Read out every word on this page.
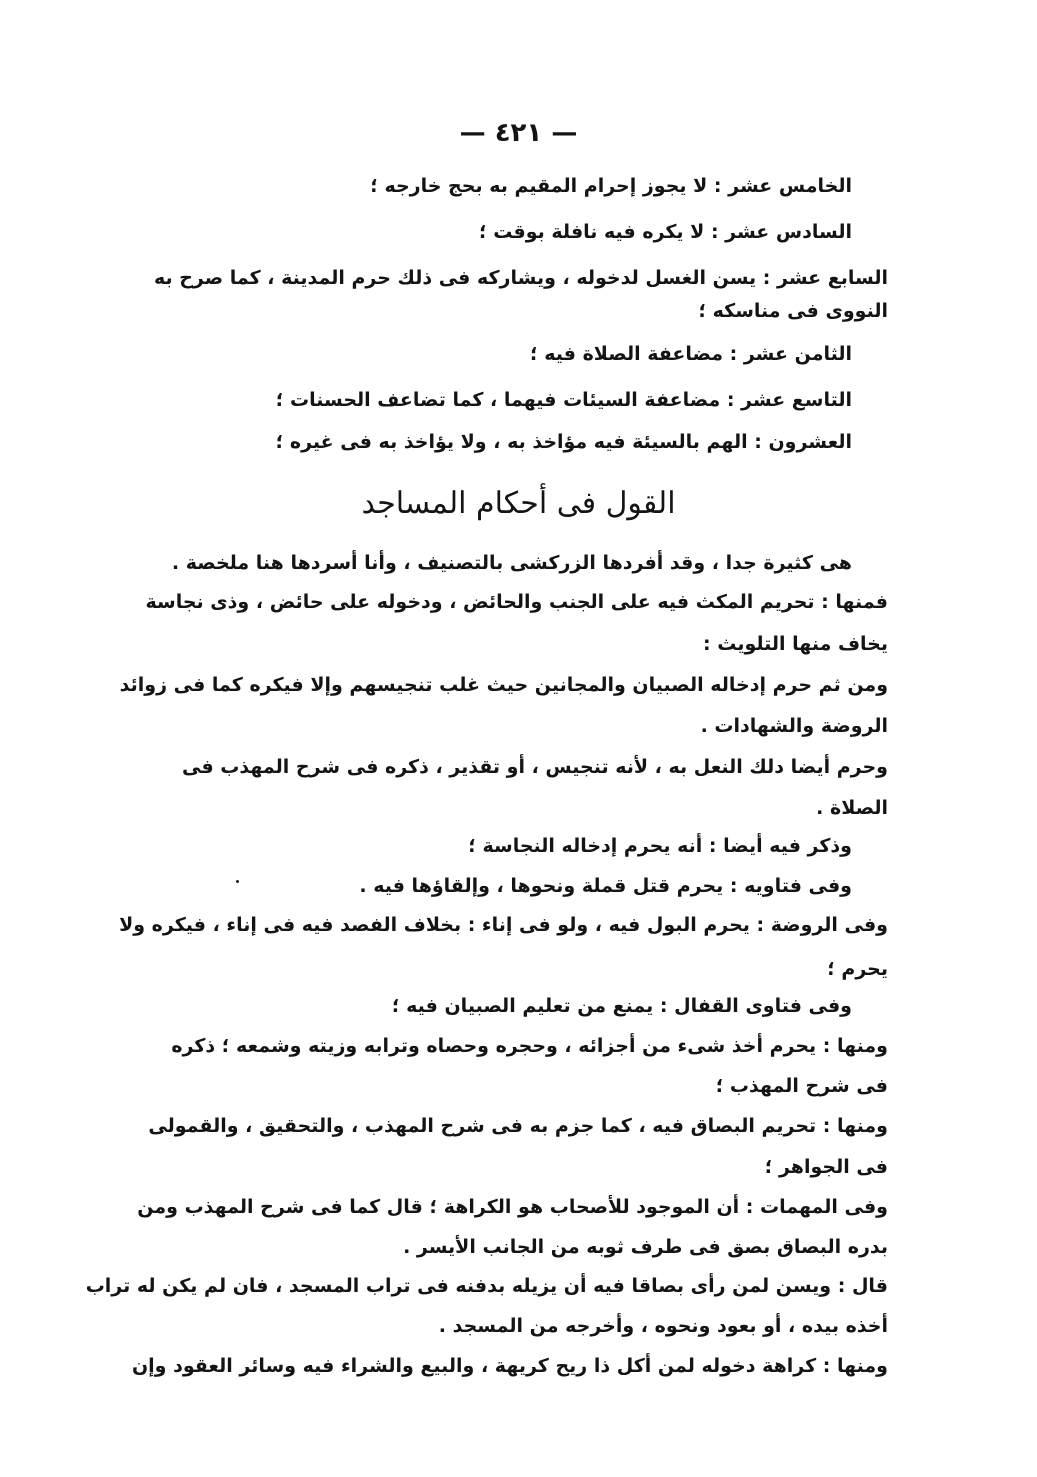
— ٤٢١ —
الخامس عشر : لا يجوز إحرام المقيم به بحج خارجه ؛
السادس عشر : لا يكره فيه نافلة بوقت ؛
السابع عشر : يسن الغسل لدخوله ، ويشاركه فى ذلك حرم المدينة ، كما صرح به
النووى فى مناسكه ؛
الثامن عشر : مضاعفة الصلاة فيه ؛
التاسع عشر : مضاعفة السيئات فيهما ، كما تضاعف الحسنات ؛
العشرون : الهم بالسيئة فيه مؤاخذ به ، ولا يؤاخذ به فى غيره ؛
القول فى أحكام المساجد
هى كثيرة جدا ، وقد أفردها الزركشى بالتصنيف ، وأنا أسردها هنا ملخصة .
فمنها : تحريم المكث فيه على الجنب والحائض ، ودخوله على حائض ، وذى نجاسة
يخاف منها التلويث :
ومن ثم حرم إدخاله الصبيان والمجانين حيث غلب تنجيسهم وإلا فيكره كما فى زوائد
الروضة والشهادات .
وحرم أيضا دلك النعل به ، لأنه تنجيس ، أو تقذير ، ذكره فى شرح المهذب فى
الصلاة .
وذكر فيه أيضا : أنه يحرم إدخاله النجاسة ؛
وفى فتاويه : يحرم قتل قملة ونحوها ، وإلقاؤها فيه .
وفى الروضة : يحرم البول فيه ، ولو فى إناء : بخلاف الفصد فيه فى إناء ، فيكره ولا
يحرم ؛
وفى فتاوى القفال : يمنع من تعليم الصبيان فيه ؛
ومنها : يحرم أخذ شىء من أجزائه ، وحجره وحصاه وترابه وزيته وشمعه ؛ ذكره
فى شرح المهذب ؛
ومنها : تحريم البصاق فيه ، كما جزم به فى شرح المهذب ، والتحقيق ، والقمولى
فى الجواهر ؛
وفى المهمات : أن الموجود للأصحاب هو الكراهة ؛ قال كما فى شرح المهذب ومن
بدره البصاق بصق فى طرف ثوبه من الجانب الأيسر .
قال : ويسن لمن رأى بصاقا فيه أن يزيله بدفنه فى تراب المسجد ، فان لم يكن له تراب
أخذه بيده ، أو بعود ونحوه ، وأخرجه من المسجد .
ومنها : كراهة دخوله لمن أكل ذا ريح كريهة ، والبيع والشراء فيه وسائر العقود وإن
